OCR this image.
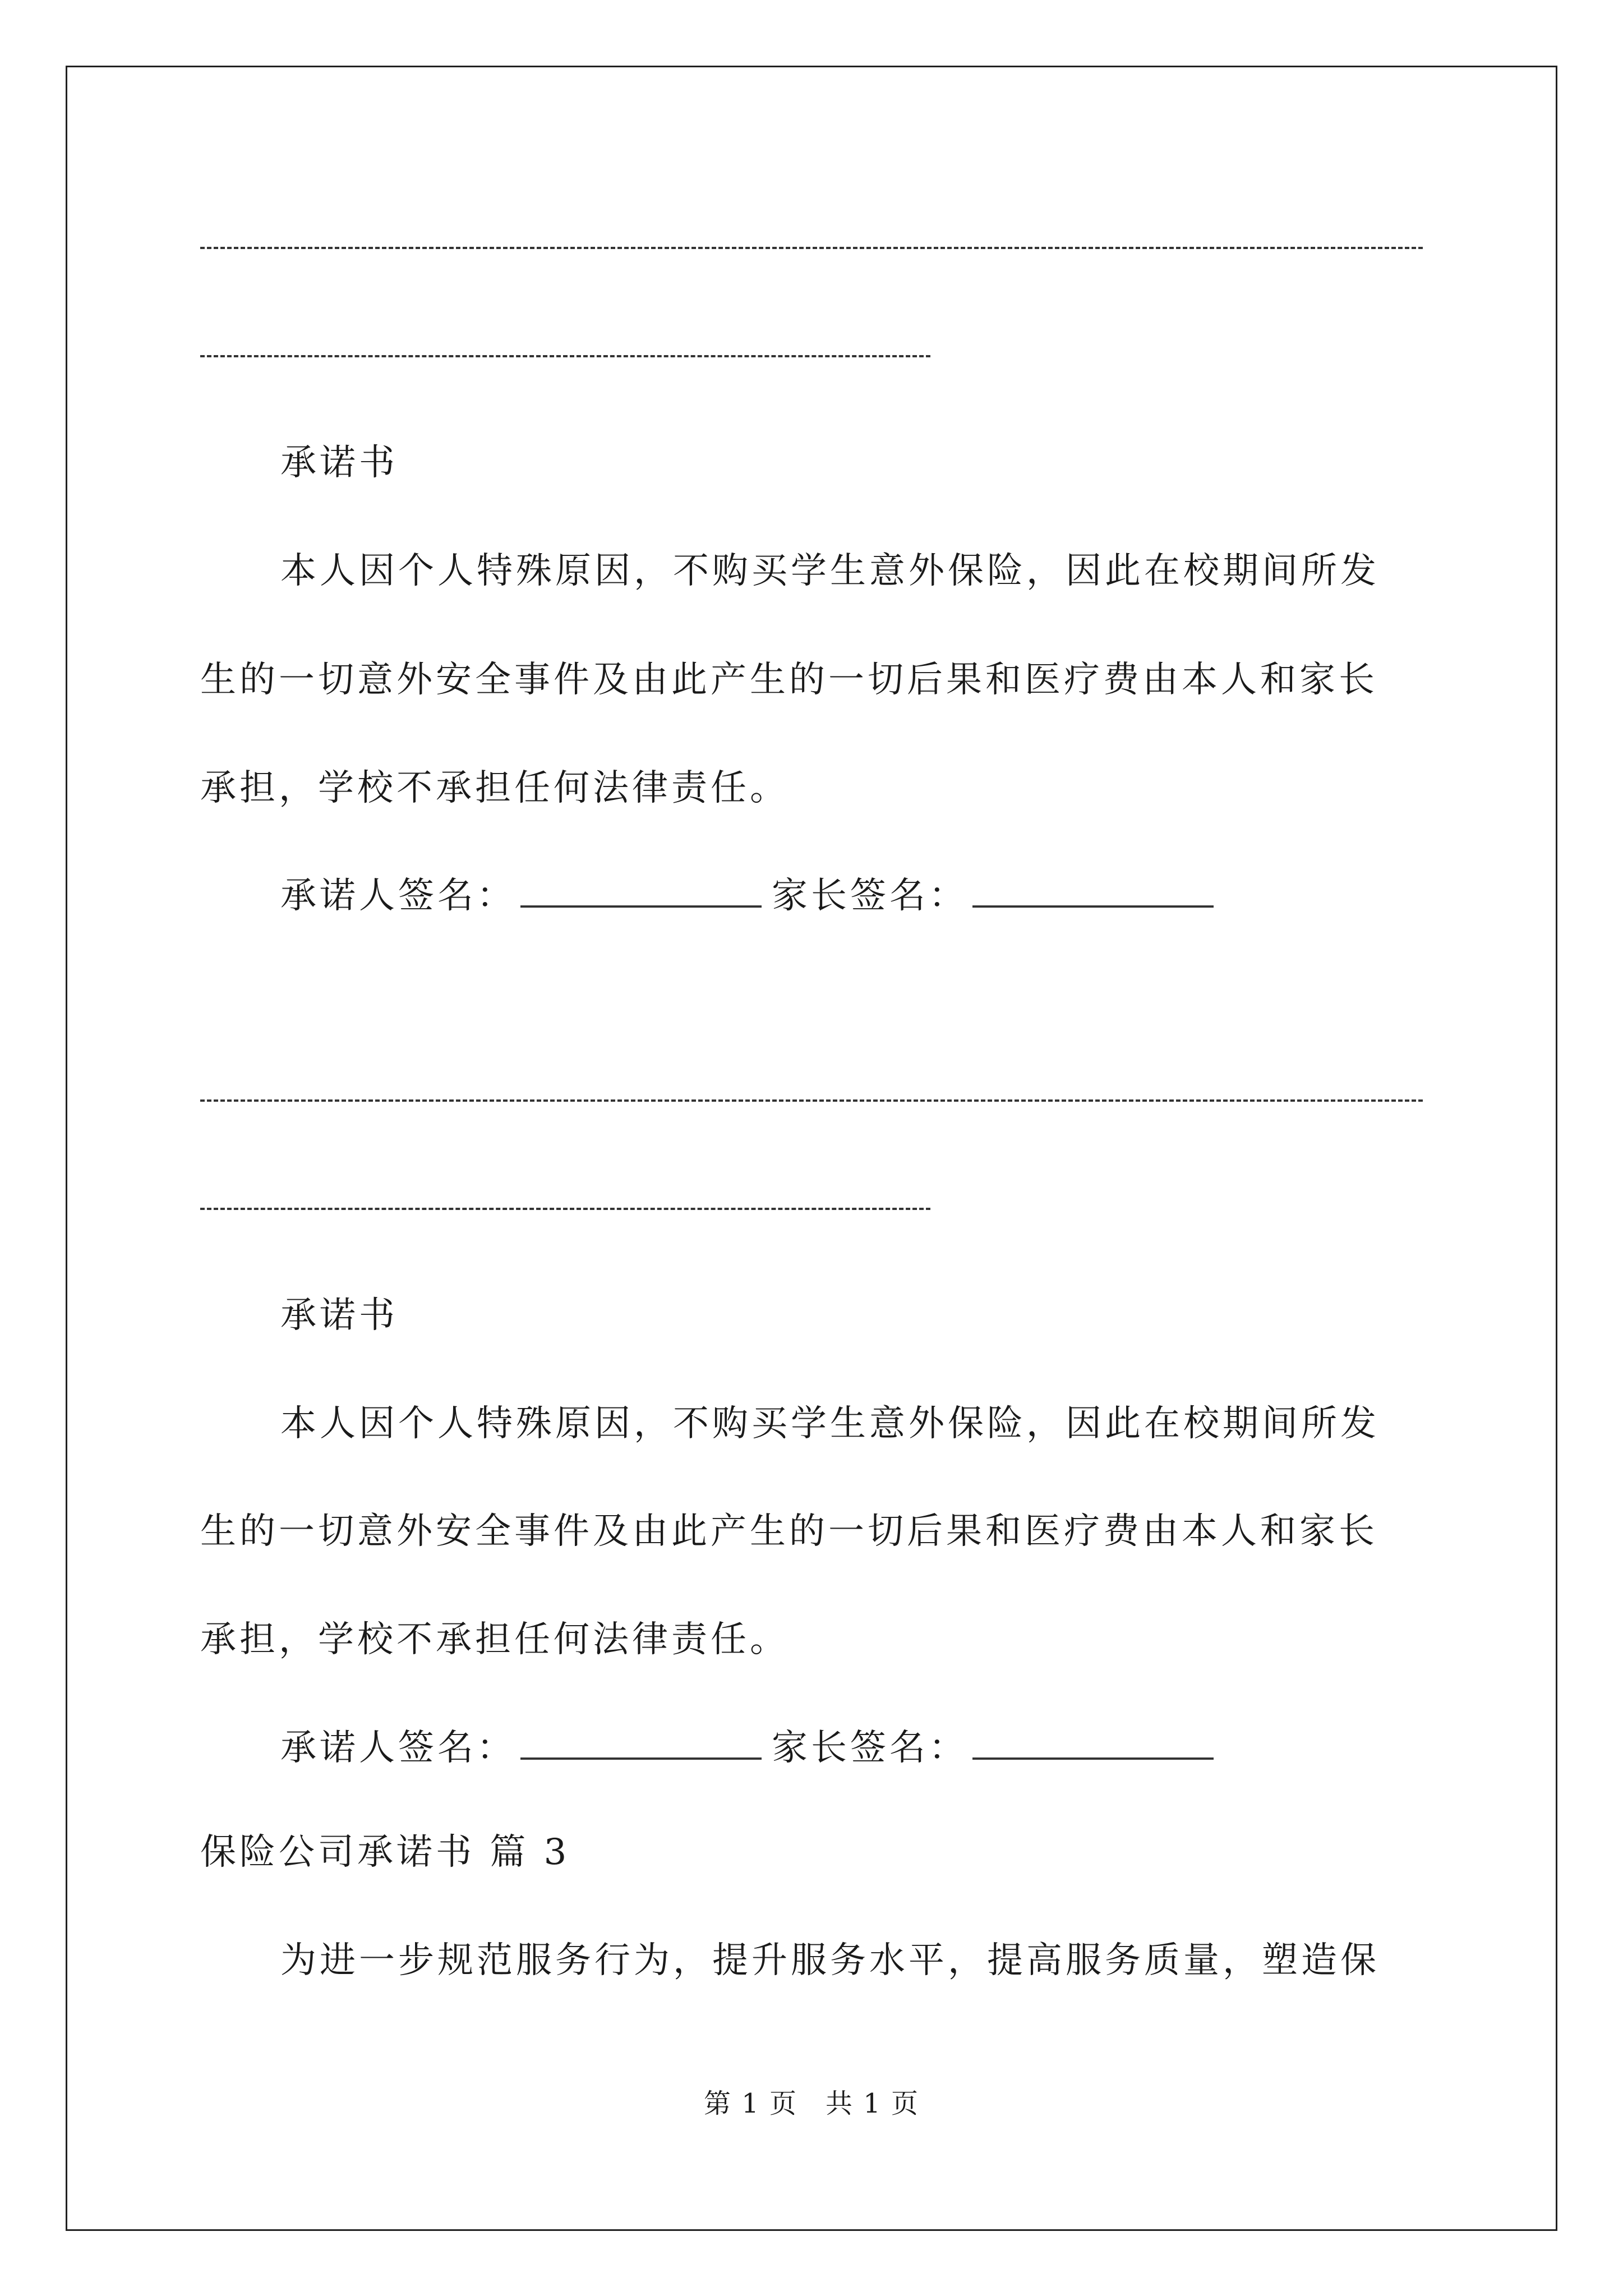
承诺书
本人因个人特殊原因，不购买学生意外保险，因此在校期间所发
生的一切意外安全事件及由此产生的一切后果和医疗费由本人和家长
承担，学校不承担任何法律责任。
承诺人签名：	家长签名：
承诺书
本人因个人特殊原因，不购买学生意外保险，因此在校期间所发
生的一切意外安全事件及由此产生的一切后果和医疗费由本人和家长
承担，学校不承担任何法律责任。
承诺人签名：	家长签名：
保险公司承诺书 篇 3
为进一步规范服务行为，提升服务水平，提高服务质量，塑造保
第 1 页 共 1 页
